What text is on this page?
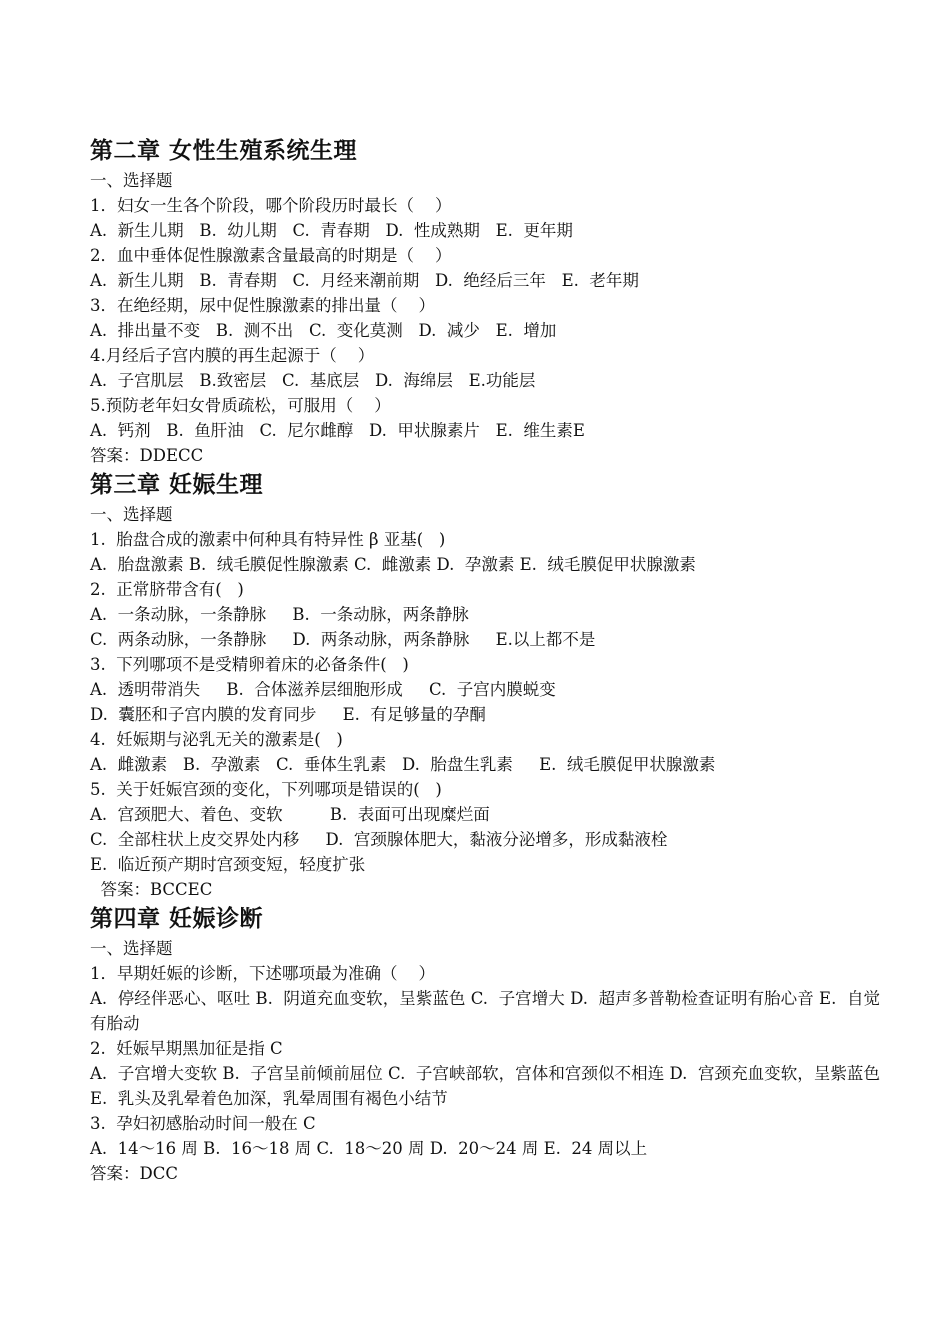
第二章 女性生殖系统生理

一、选择题

1．妇女一生各个阶段，哪个阶段历时最长（    ）

A.  新生儿期   B.  幼儿期   C.  青春期   D.  性成熟期   E.  更年期

2．血中垂体促性腺激素含量最高的时期是（    ）

A.  新生儿期   B.  青春期   C.  月经来潮前期   D.  绝经后三年   E.  老年期

3．在绝经期，尿中促性腺激素的排出量（    ）

A.  排出量不变   B.  测不出   C.  变化莫测   D.  减少   E.  增加

4.月经后子宫内膜的再生起源于（    ）

A.  子宫肌层   B.致密层   C.  基底层   D.  海绵层   E.功能层

5.预防老年妇女骨质疏松，可服用（    ）

A.  钙剂   B.  鱼肝油   C.  尼尔雌醇   D.  甲状腺素片   E.  维生素E

答案：DDECC

第三章 妊娠生理

一、选择题

1.  胎盘合成的激素中何种具有特异性 β 亚基(   )

A.  胎盘激素 B.  绒毛膜促性腺激素 C.  雌激素 D.  孕激素 E.  绒毛膜促甲状腺激素

2.  正常脐带含有(   )

A.  一条动脉，一条静脉     B.  一条动脉，两条静脉

C.  两条动脉，一条静脉     D.  两条动脉，两条静脉     E.以上都不是

3.  下列哪项不是受精卵着床的必备条件(   )

A.  透明带消失     B.  合体滋养层细胞形成     C.  子宫内膜蜕变

D.  囊胚和子宫内膜的发育同步     E.  有足够量的孕酮

4.  妊娠期与泌乳无关的激素是(   )

A.  雌激素   B.  孕激素   C.  垂体生乳素   D.  胎盘生乳素     E.  绒毛膜促甲状腺激素

5.  关于妊娠宫颈的变化，下列哪项是错误的(   )

A.  宫颈肥大、着色、变软         B.  表面可出现糜烂面

C.  全部柱状上皮交界处内移     D.  宫颈腺体肥大，黏液分泌增多，形成黏液栓

E.  临近预产期时宫颈变短，轻度扩张

答案：BCCEC

第四章 妊娠诊断

一、选择题

1．早期妊娠的诊断，下述哪项最为准确（    ）

A.  停经伴恶心、呕吐 B.  阴道充血变软，呈紫蓝色 C.  子宫增大 D.  超声多普勒检查证明有胎心音 E.  自觉有胎动

2.  妊娠早期黑加征是指 C

A.  子宫增大变软 B.  子宫呈前倾前屈位 C.  子宫峡部软，宫体和宫颈似不相连 D.  宫颈充血变软，呈紫蓝色 E.  乳头及乳晕着色加深，乳晕周围有褐色小结节

3.  孕妇初感胎动时间一般在 C

A.  14～16 周 B.  16～18 周 C.  18～20 周 D.  20～24 周 E.  24 周以上

答案：DCC
